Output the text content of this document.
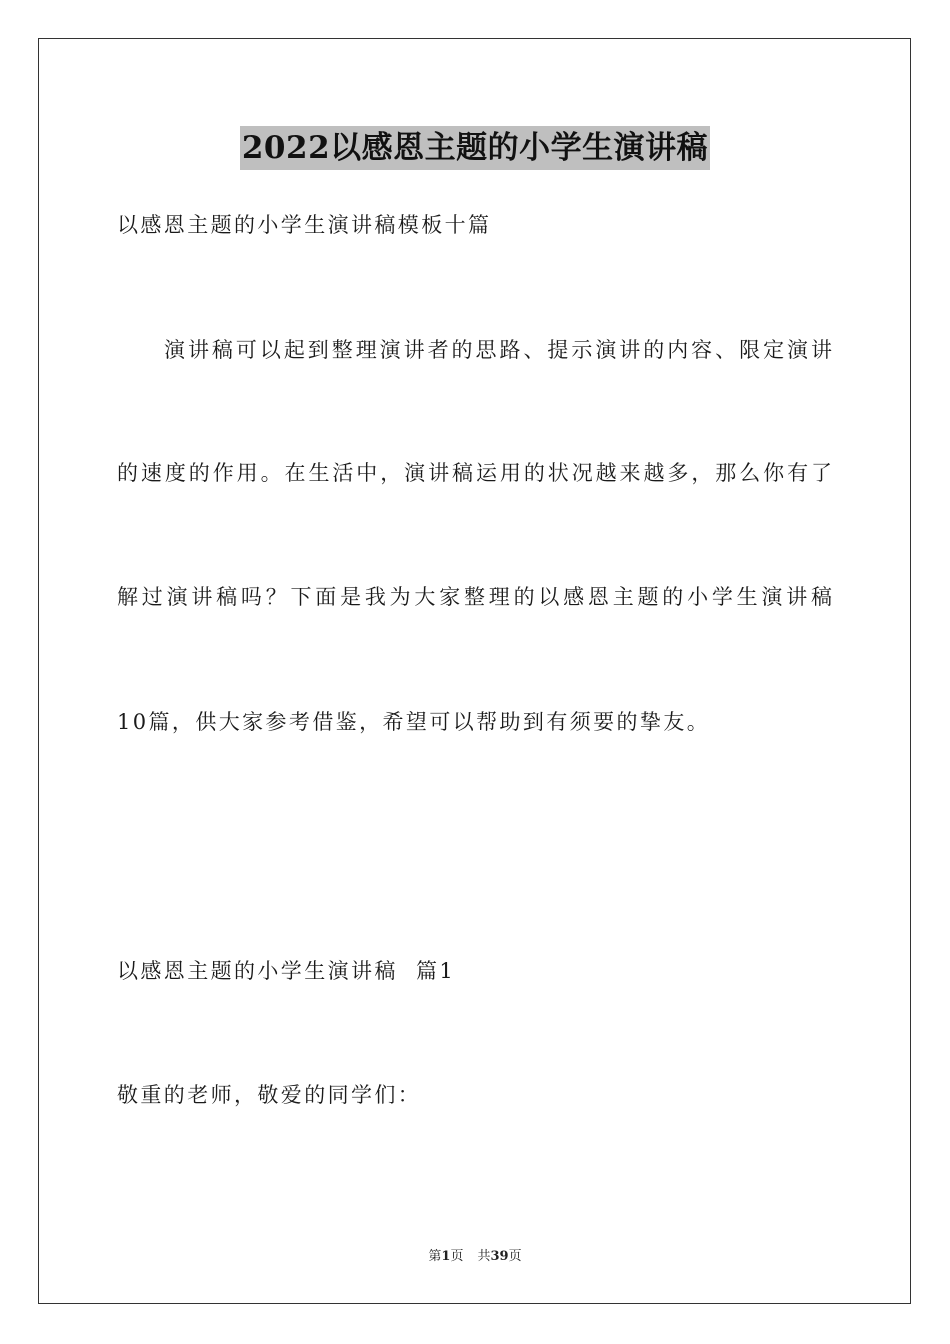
2022以感恩主题的小学生演讲稿
以感恩主题的小学生演讲稿模板十篇
演讲稿可以起到整理演讲者的思路、提示演讲的内容、限定演讲
的速度的作用。在生活中，演讲稿运用的状况越来越多，那么你有了
解过演讲稿吗？下面是我为大家整理的以感恩主题的小学生演讲稿
10篇，供大家参考借鉴，希望可以帮助到有须要的挚友。
以感恩主题的小学生演讲稿  篇1
敬重的老师，敬爱的同学们：
第1页 共39页
